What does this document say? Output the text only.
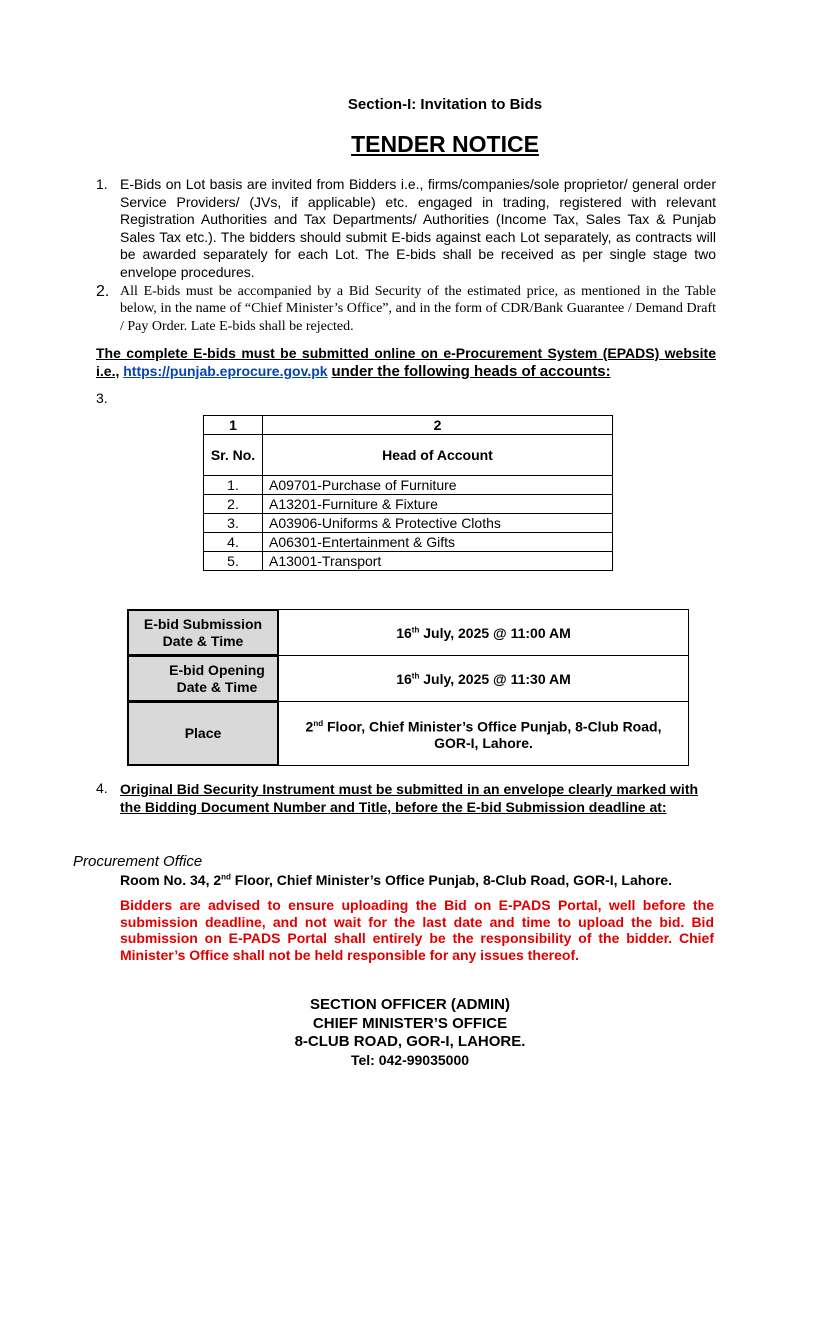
Section-I: Invitation to Bids
TENDER NOTICE
1. E-Bids on Lot basis are invited from Bidders i.e., firms/companies/sole proprietor/ general order Service Providers/ (JVs, if applicable) etc. engaged in trading, registered with relevant Registration Authorities and Tax Departments/ Authorities (Income Tax, Sales Tax & Punjab Sales Tax etc.). The bidders should submit E-bids against each Lot separately, as contracts will be awarded separately for each Lot. The E-bids shall be received as per single stage two envelope procedures.
2. All E-bids must be accompanied by a Bid Security of the estimated price, as mentioned in the Table below, in the name of “Chief Minister’s Office”, and in the form of CDR/Bank Guarantee / Demand Draft / Pay Order. Late E-bids shall be rejected.
The complete E-bids must be submitted online on e-Procurement System (EPADS) website i.e., https://punjab.eprocure.gov.pk under the following heads of accounts:
3.
1	2
Sr. No.	Head of Account
1.	A09701-Purchase of Furniture
2.	A13201-Furniture & Fixture
3.	A03906-Uniforms & Protective Cloths
4.	A06301-Entertainment & Gifts
5.	A13001-Transport
E-bid Submission Date & Time	16th July, 2025 @ 11:00 AM
E-bid Opening Date & Time	16th July, 2025 @ 11:30 AM
Place	2nd Floor, Chief Minister’s Office Punjab, 8-Club Road, GOR-I, Lahore.
4. Original Bid Security Instrument must be submitted in an envelope clearly marked with the Bidding Document Number and Title, before the E-bid Submission deadline at:
Procurement Office
Room No. 34, 2nd Floor, Chief Minister’s Office Punjab, 8-Club Road, GOR-I, Lahore.
Bidders are advised to ensure uploading the Bid on E-PADS Portal, well before the submission deadline, and not wait for the last date and time to upload the bid. Bid submission on E-PADS Portal shall entirely be the responsibility of the bidder. Chief Minister’s Office shall not be held responsible for any issues thereof.
SECTION OFFICER (ADMIN)
CHIEF MINISTER’S OFFICE
8-CLUB ROAD, GOR-I, LAHORE.
Tel: 042-99035000
